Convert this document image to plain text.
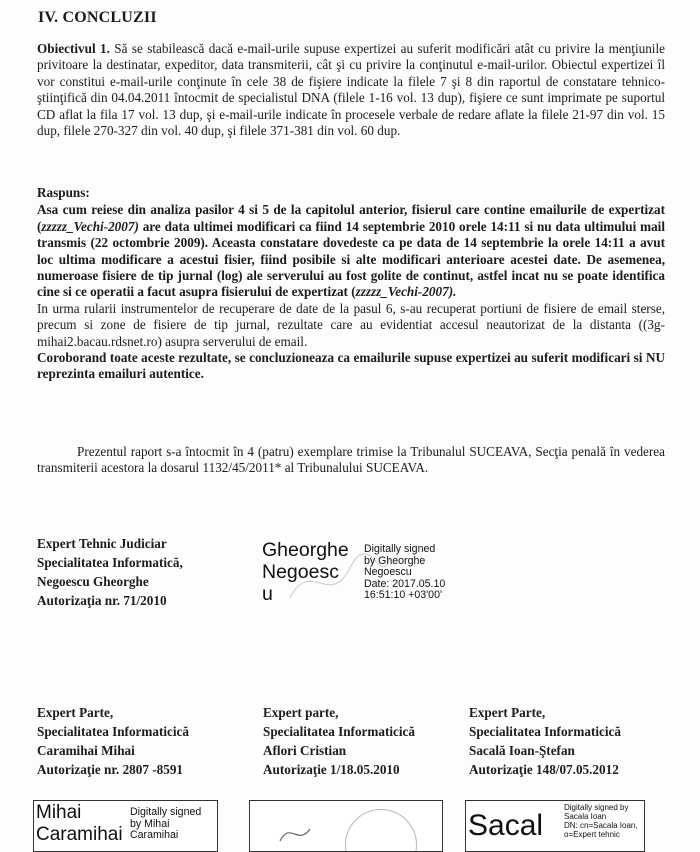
IV. CONCLUZII
Obiectivul 1. Să se stabilească dacă e-mail-urile supuse expertizei au suferit modificări atât cu privire la menţiunile privitoare la destinatar, expeditor, data transmiterii, cât şi cu privire la conţinutul e-mail-urilor. Obiectul expertizei îl vor constitui e-mail-urile conţinute în cele 38 de fişiere indicate la filele 7 şi 8 din raportul de constatare tehnico-ştiinţifică din 04.04.2011 întocmit de specialistul DNA (filele 1-16 vol. 13 dup), fişiere ce sunt imprimate pe suportul CD aflat la fila 17 vol. 13 dup, şi e-mail-urile indicate în procesele verbale de redare aflate la filele 21-97 din vol. 15 dup, filele 270-327 din vol. 40 dup, şi filele 371-381 din vol. 60 dup.
Raspuns:
Asa cum reiese din analiza pasilor 4 si 5 de la capitolul anterior, fisierul care contine emailurile de expertizat (zzzzz_Vechi-2007) are data ultimei modificari ca fiind 14 septembrie 2010 orele 14:11 si nu data ultimului mail transmis (22 octombrie 2009). Aceasta constatare dovedeste ca pe data de 14 septembrie la orele 14:11 a avut loc ultima modificare a acestui fisier, fiind posibile si alte modificari anterioare acestei date. De asemenea, numeroase fisiere de tip jurnal (log) ale serverului au fost golite de continut, astfel incat nu se poate identifica cine si ce operatii a facut asupra fisierului de expertizat (zzzzz_Vechi-2007).
In urma rularii instrumentelor de recuperare de date de la pasul 6, s-au recuperat portiuni de fisiere de email sterse, precum si zone de fisiere de tip jurnal, rezultate care au evidentiat accesul neautorizat de la distanta ((3g-mihai2.bacau.rdsnet.ro) asupra serverului de email.
Coroborand toate aceste rezultate, se concluzioneaza ca emailurile supuse expertizei au suferit modificari si NU reprezinta emailuri autentice.
Prezentul raport s-a întocmit în 4 (patru) exemplare trimise la Tribunalul SUCEAVA, Secţia penală în vederea transmiterii acestora la dosarul 1132/45/2011* al Tribunalului SUCEAVA.
Expert Tehnic Judiciar
Specialitatea Informatică,
Negoescu Gheorghe
Autorizaţia nr. 71/2010
Gheorghe
Negoesc
u
Digitally signed
by Gheorghe
Negoescu
Date: 2017.05.10
16:51:10 +03'00'
Expert Parte,
Specialitatea Informaticică
Caramihai Mihai
Autorizaţie nr. 2807 -8591
Mihai
Caramihai
Digitally signed
by Mihai
Caramihai
Expert parte,
Specialitatea Informaticică
Aflori Cristian
Autorizaţie 1/18.05.2010
Expert Parte,
Specialitatea Informaticică
Sacală Ioan-Ştefan
Autorizaţie 148/07.05.2012
Sacal
Digitally signed by
Sacala Ioan
DN: cn=Sacala Ioan,
o=Expert tehnic
